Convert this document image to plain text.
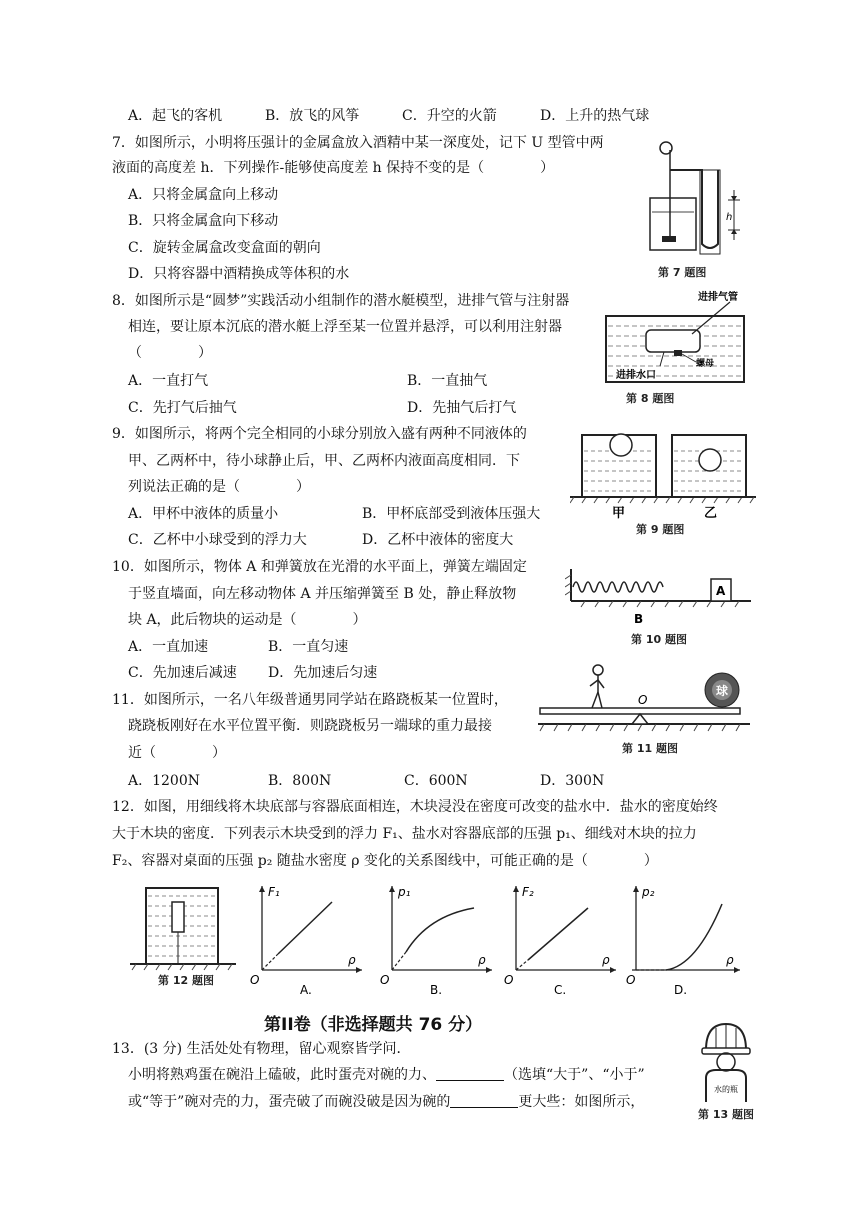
A．起飞的客机	B．放飞的风筝	C．升空的火箭	D．上升的热气球
7．如图所示，小明将压强计的金属盒放入酒精中某一深度处，记下 U 型管中两
液面的高度差 h．下列操作-能够使高度差 h 保持不变的是（　　　　）
A．只将金属盒向上移动
B．只将金属盒向下移动
C．旋转金属盒改变盒面的朝向
D．只将容器中酒精换成等体积的水
h
第 7 题图
8．如图所示是“圆梦”实践活动小组制作的潜水艇模型，进排气管与注射器
相连，要让原本沉底的潜水艇上浮至某一位置并悬浮，可以利用注射器
（　　　　）
A．一直打气	B．一直抽气
C．先打气后抽气	D．先抽气后打气
进排气管
螺母
进排水口
第 8 题图
9．如图所示，将两个完全相同的小球分别放入盛有两种不同液体的
甲、乙两杯中，待小球静止后，甲、乙两杯内液面高度相同．下
列说法正确的是（　　　　）
A．甲杯中液体的质量小	B．甲杯底部受到液体压强大
C．乙杯中小球受到的浮力大	D．乙杯中液体的密度大
甲	乙
第 9 题图
10．如图所示，物体 A 和弹簧放在光滑的水平面上，弹簧左端固定
于竖直墙面，向左移动物体 A 并压缩弹簧至 B 处，静止释放物
块 A，此后物块的运动是（　　　　）
A．一直加速	B．一直匀速
C．先加速后减速 D．先加速后匀速
A
B
第 10 题图
11．如图所示，一名八年级普通男同学站在路跷板某一位置时，
跷跷板刚好在水平位置平衡．则跷跷板另一端球的重力最接
近（　　　　）
A．1200N	B．800N	C．600N	D．300N
O
球
第 11 题图
12．如图，用细线将木块底部与容器底面相连，木块浸没在密度可改变的盐水中．盐水的密度始终
大于木块的密度．下列表示木块受到的浮力 F₁、盐水对容器底部的压强 p₁、细线对木块的拉力
F₂、容器对桌面的压强 p₂ 随盐水密度 ρ 变化的关系图线中，可能正确的是（　　　　）
第 12 题图
F₁
ρ
O
A.
p₁
ρ
O
B.
F₂
ρ
O
C.
p₂
ρ
O
D.
第II卷（非选择题共 76 分）
13．(3 分) 生活处处有物理，留心观察皆学问．
小明将熟鸡蛋在碗沿上磕破，此时蛋壳对碗的力、	（选填“大于”、“小于”
或“等于”碗对壳的力，蛋壳破了而碗没破是因为碗的	更大些：如图所示，
水的瓶
第 13 题图
